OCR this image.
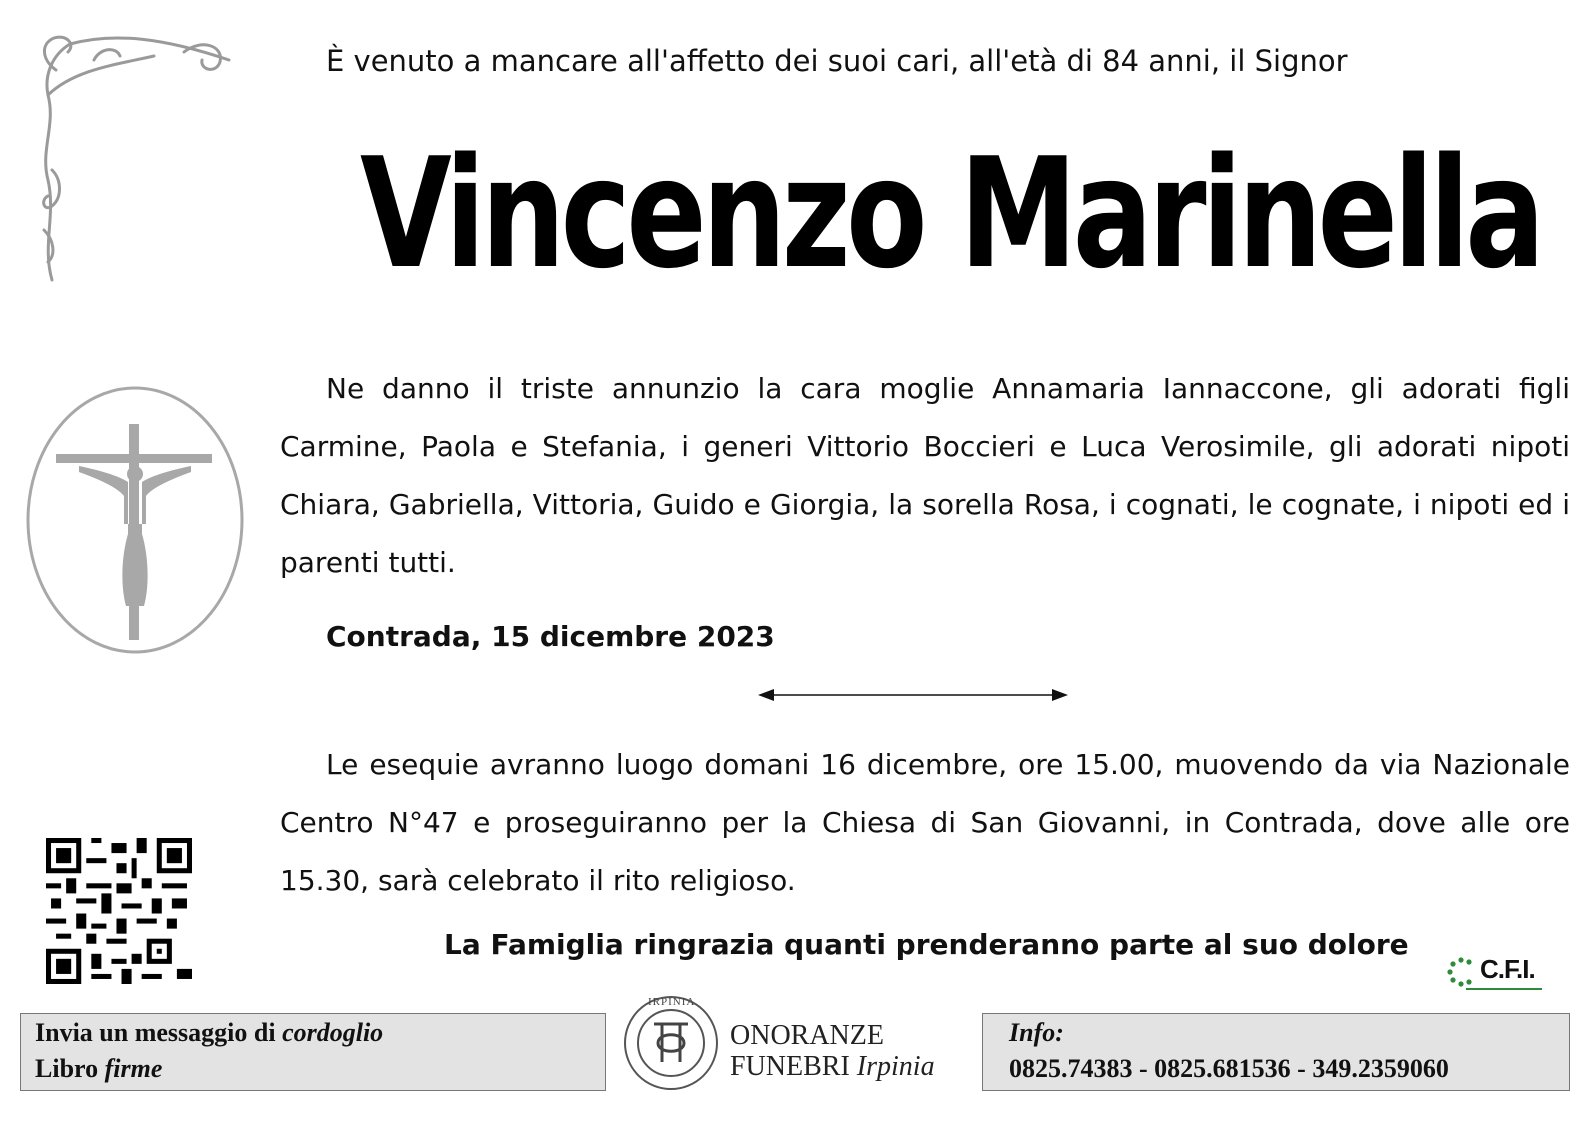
È venuto a mancare all'affetto dei suoi cari, all'età di 84 anni, il Signor
Vincenzo Marinella

Ne danno il triste annunzio la cara moglie Annamaria Iannaccone, gli adorati figli Carmine, Paola e Stefania, i generi Vittorio Boccieri e Luca Verosimile, gli adorati nipoti Chiara, Gabriella, Vittoria, Guido e Giorgia, la sorella Rosa, i cognati, le cognate, i nipoti ed i parenti tutti.

Contrada, 15 dicembre 2023

Le esequie avranno luogo domani 16 dicembre, ore 15.00, muovendo da via Nazionale Centro N°47 e proseguiranno per la Chiesa di San Giovanni, in Contrada, dove alle ore 15.30, sarà celebrato il rito religioso.

La Famiglia ringrazia quanti prenderanno parte al suo dolore
C.F.I.
Invia un messaggio di cordoglio
Libro firme
IRPINIA
ONORANZE
FUNEBRI Irpinia
Info:
0825.74383 - 0825.681536 - 349.2359060
